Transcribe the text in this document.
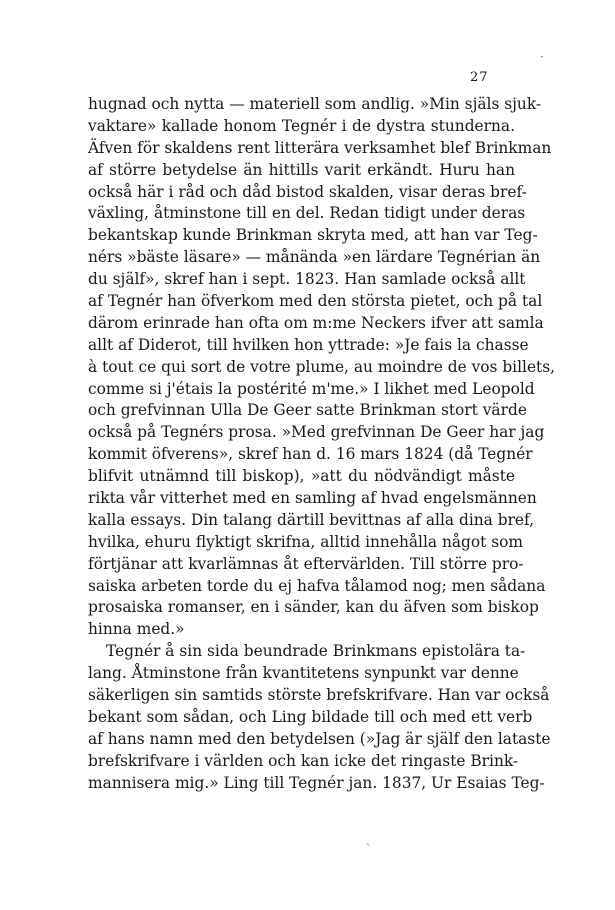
27
hugnad och nytta — materiell som andlig. »Min själs sjuk-
vaktare» kallade honom Tegnér i de dystra stunderna.
Äfven för skaldens rent litterära verksamhet blef Brinkman
af större betydelse än hittills varit erkändt. Huru han
också här i råd och dåd bistod skalden, visar deras bref-
växling, åtminstone till en del. Redan tidigt under deras
bekantskap kunde Brinkman skryta med, att han var Teg-
nérs »bäste läsare» — månända »en lärdare Tegnérian än
du själf», skref han i sept. 1823. Han samlade också allt
af Tegnér han öfverkom med den största pietet, och på tal
därom erinrade han ofta om m:me Neckers ifver att samla
allt af Diderot, till hvilken hon yttrade: »Je fais la chasse
à tout ce qui sort de votre plume, au moindre de vos billets,
comme si j'étais la postérité m'me.» I likhet med Leopold
och grefvinnan Ulla De Geer satte Brinkman stort värde
också på Tegnérs prosa. »Med grefvinnan De Geer har jag
kommit öfverens», skref han d. 16 mars 1824 (då Tegnér
blifvit utnämnd till biskop), »att du nödvändigt måste
rikta vår vitterhet med en samling af hvad engelsmännen
kalla essays. Din talang därtill bevittnas af alla dina bref,
hvilka, ehuru flyktigt skrifna, alltid innehålla något som
förtjänar att kvarlämnas åt eftervärlden. Till större pro-
saiska arbeten torde du ej hafva tålamod nog; men sådana
prosaiska romanser, en i sänder, kan du äfven som biskop
hinna med.»
Tegnér å sin sida beundrade Brinkmans epistolära ta-
lang. Åtminstone från kvantitetens synpunkt var denne
säkerligen sin samtids störste brefskrifvare. Han var också
bekant som sådan, och Ling bildade till och med ett verb
af hans namn med den betydelsen (»Jag är själf den lataste
brefskrifvare i världen och kan icke det ringaste Brink-
mannisera mig.» Ling till Tegnér jan. 1837, Ur Esaias Teg-
·
ˎ
